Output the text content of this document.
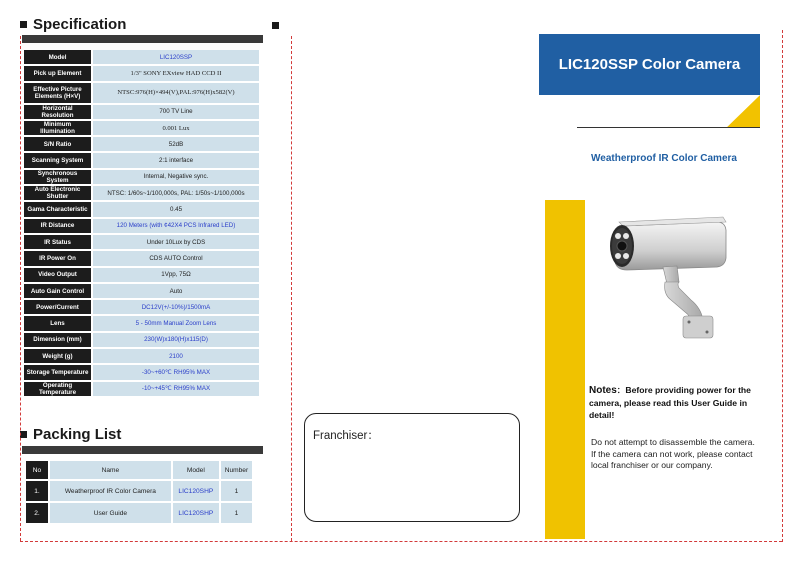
Specification
Model	LIC120SSP
Pick up Element	1/3" SONY EXview HAD CCD II
Effective Picture Elements (H×V)	NTSC:976(H)×494(V),PAL:976(H)x582(V)
Horizontal Resolution	700 TV Line
Minimum Illumination	0.001 Lux
S/N Ratio	52dB
Scanning System	2:1 interface
Synchronous System	Internal, Negative sync.
Auto Electronic Shutter	NTSC: 1/60s~1/100,000s, PAL: 1/50s~1/100,000s
Gama Characteristic	0.45
IR Distance	120 Meters (with ¢42X4 PCS Infrared LED)
IR Status	Under 10Lux by CDS
IR Power On	CDS AUTO Control
Video Output	1Vpp, 75Ω
Auto Gain Control	Auto
Power/Current	DC12V(+/-10%)/1500mA
Lens	5 - 50mm Manual Zoom Lens
Dimension (mm)	230(W)x180(H)x115(D)
Weight (g)	2100
Storage Temperature	-30~+60℃ RH95% MAX
Operating Temperature	-10~+45℃ RH95% MAX
Packing List
No	Name	Model	Number
1.	Weatherproof IR Color Camera	LIC120SHP	1
2.	User Guide	LIC120SHP	1
Franchiser：
LIC120SSP Color Camera
Weatherproof IR Color Camera
Notes：Before providing power for the camera, please read this User Guide in detail!
Do not attempt to disassemble the camera. If the camera can not work, please contact local franchiser or our company.
